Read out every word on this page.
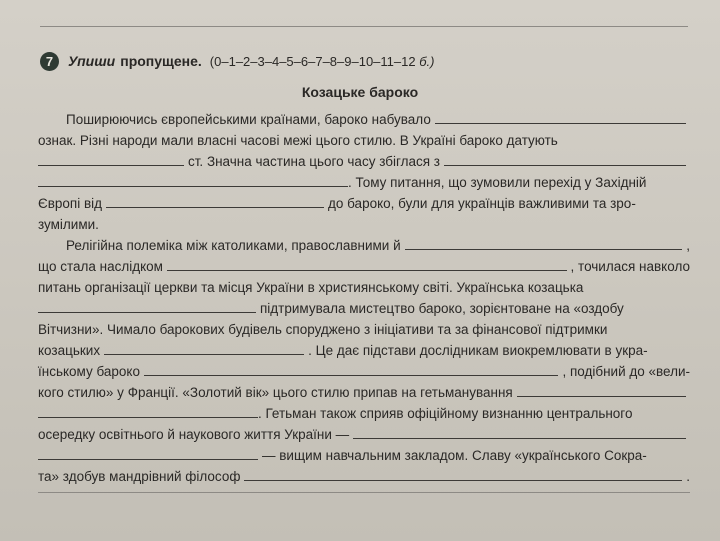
7	Упиши пропущене. (0–1–2–3–4–5–6–7–8–9–10–11–12 б.)
Козацьке бароко
Поширюючись європейськими країнами, бароко набувало
ознак. Різні народи мали власні часові межі цього стилю. В Україні бароко датують
ст. Значна частина цього часу збіглася з
. Тому питання, що зумовили перехід у Західній
Європі від	до бароко, були для українців важливими та зро-
зумілими.
Релігійна полеміка між католиками, православними й	,
що стала наслідком	, точилася навколо
питань організації церкви та місця України в християнському світі. Українська козацька
підтримувала мистецтво бароко, зорієнтоване на «оздобу
Вітчизни». Чимало барокових будівель споруджено з ініціативи та за фінансової підтримки
козацьких	. Це дає підстави дослідникам виокремлювати в укра-
їнському бароко	, подібний до «вели-
кого стилю» у Франції. «Золотий вік» цього стилю припав на гетьманування
. Гетьман також сприяв офіційному визнанню центрального
осередку освітнього й наукового життя України —
— вищим навчальним закладом. Славу «українського Сокра-
та» здобув мандрівний філософ	.
